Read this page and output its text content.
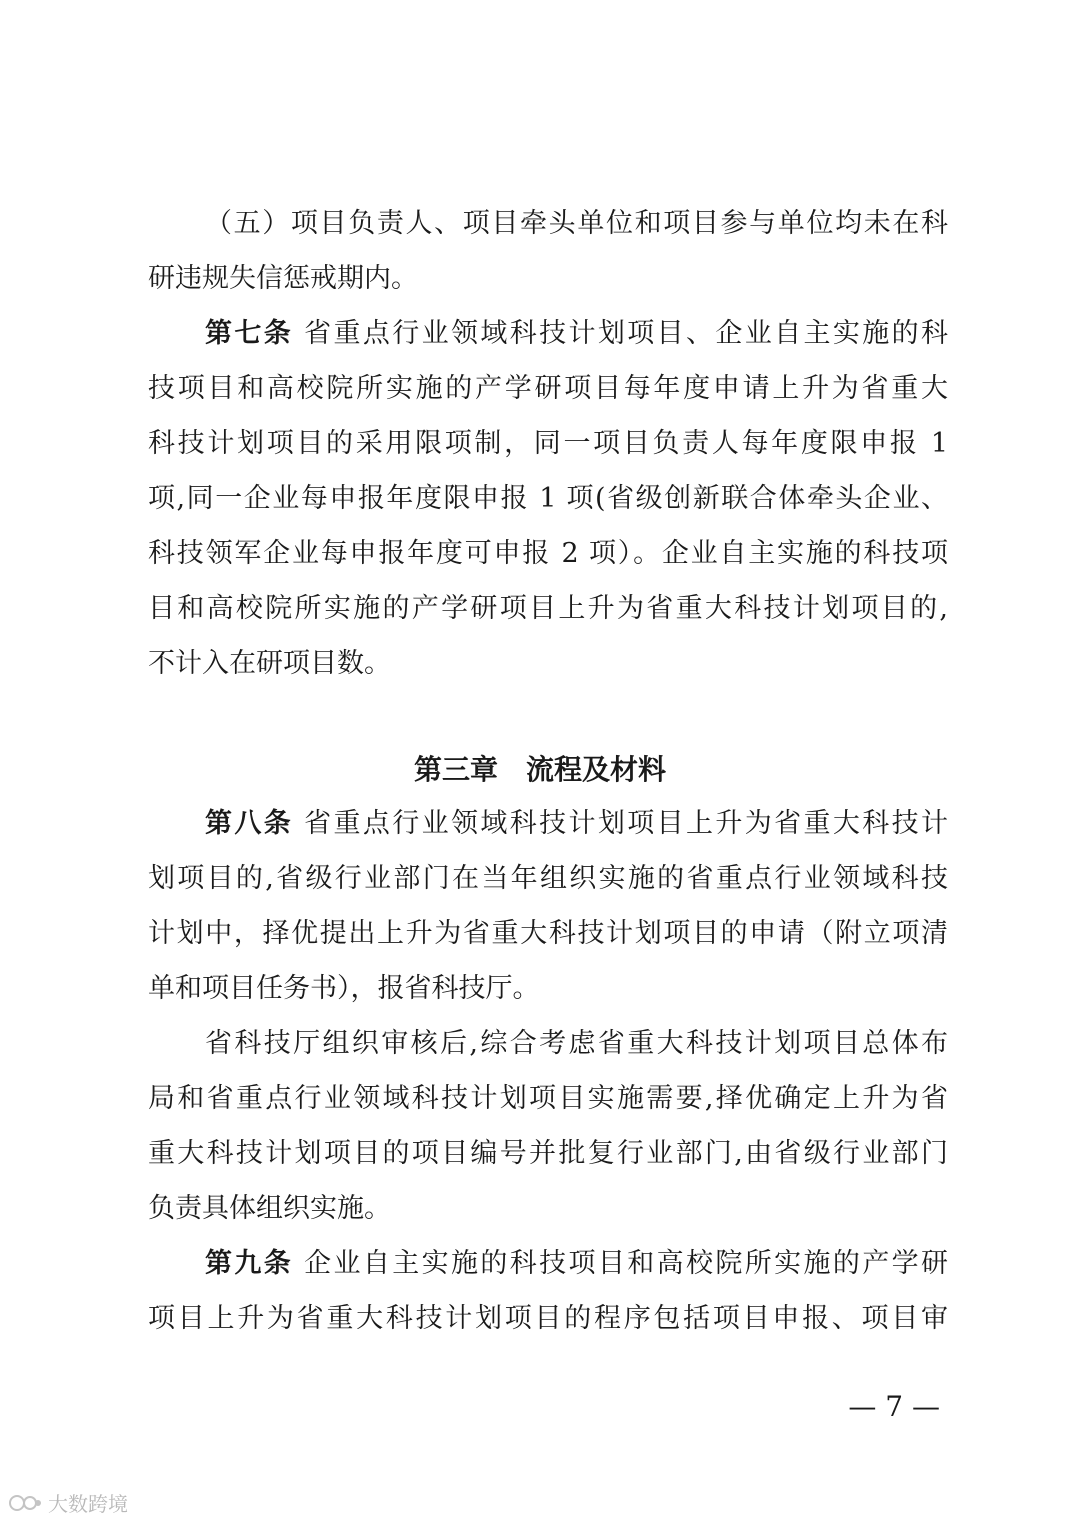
（五）项目负责人、项目牵头单位和项目参与单位均未在科
研违规失信惩戒期内。
第七条 省重点行业领域科技计划项目、企业自主实施的科
技项目和高校院所实施的产学研项目每年度申请上升为省重大
科技计划项目的采用限项制，同一项目负责人每年度限申报 1
项,同一企业每申报年度限申报 1 项(省级创新联合体牵头企业、
科技领军企业每申报年度可申报 2 项）。企业自主实施的科技项
目和高校院所实施的产学研项目上升为省重大科技计划项目的,
不计入在研项目数。
第三章 流程及材料
第八条 省重点行业领域科技计划项目上升为省重大科技计
划项目的,省级行业部门在当年组织实施的省重点行业领域科技
计划中，择优提出上升为省重大科技计划项目的申请（附立项清
单和项目任务书），报省科技厅。
省科技厅组织审核后,综合考虑省重大科技计划项目总体布
局和省重点行业领域科技计划项目实施需要,择优确定上升为省
重大科技计划项目的项目编号并批复行业部门,由省级行业部门
负责具体组织实施。
第九条 企业自主实施的科技项目和高校院所实施的产学研
项目上升为省重大科技计划项目的程序包括项目申报、项目审
— 7 —
大数跨境
